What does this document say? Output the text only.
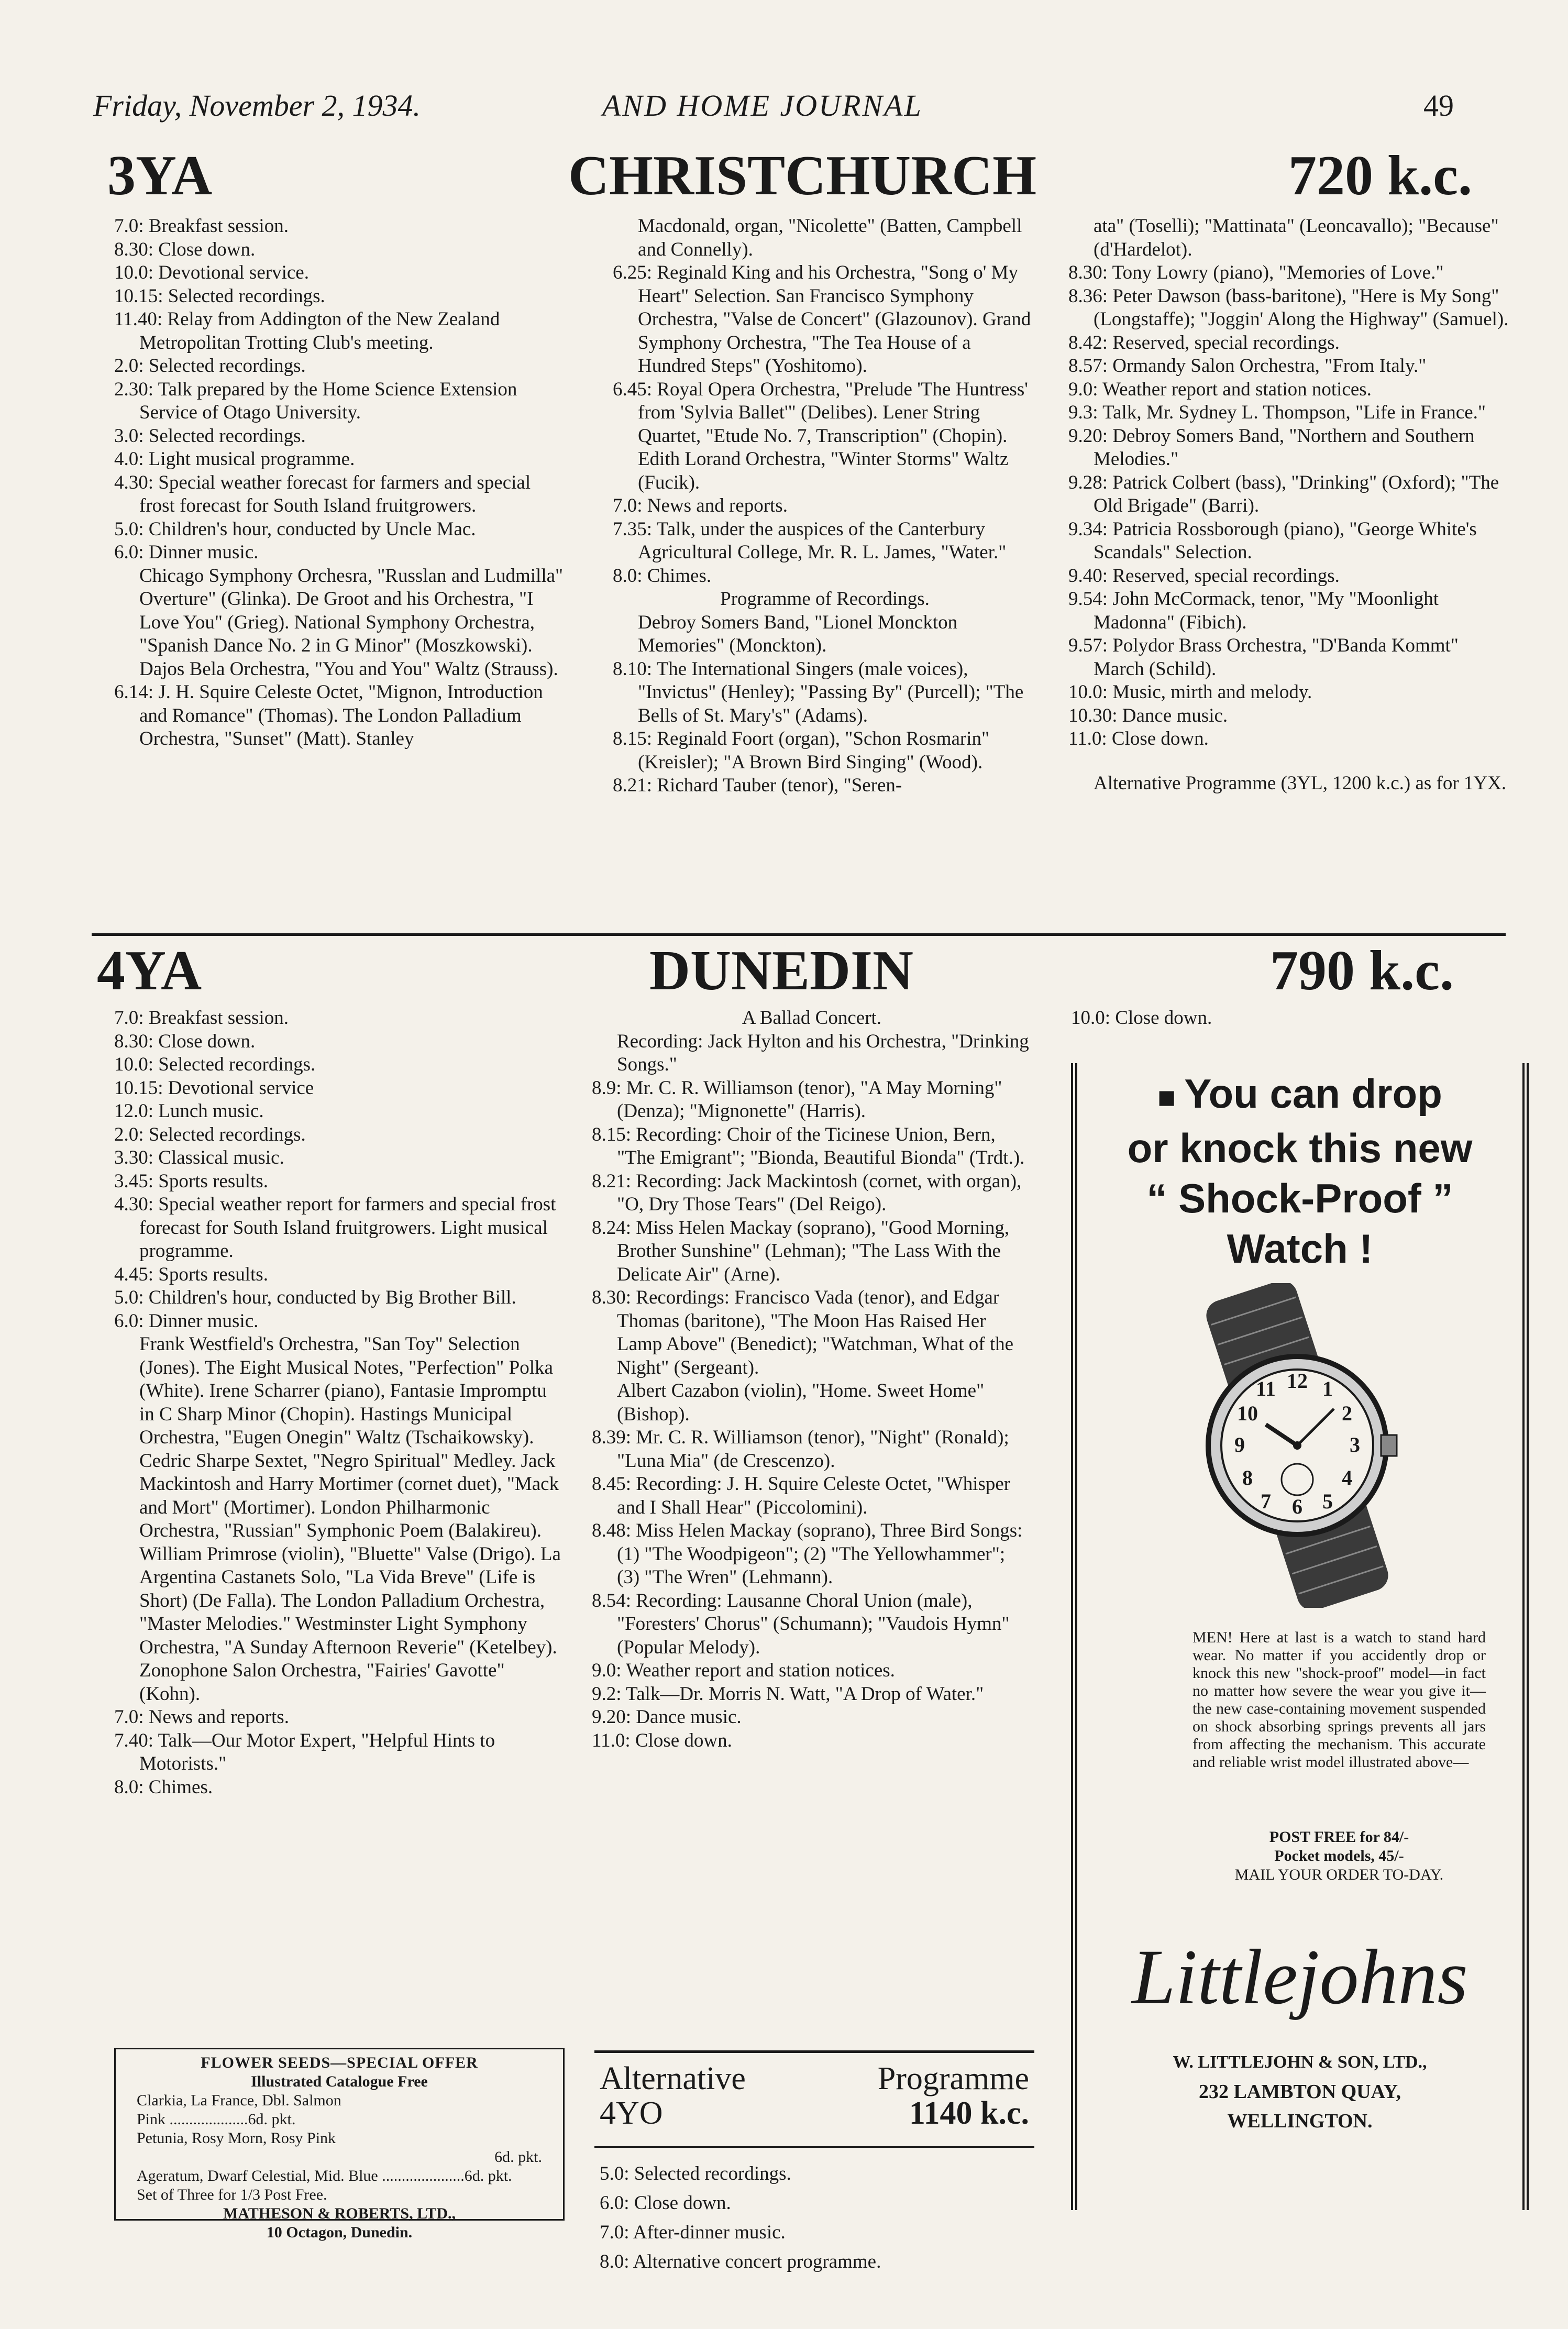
Friday, November 2, 1934.	AND HOME JOURNAL	49
3YA	CHRISTCHURCH	720 k.c.

7.0: Breakfast session.

8.30: Close down.

10.0: Devotional service.

10.15: Selected recordings.

11.40: Relay from Addington of the New Zealand Metropolitan Trotting Club's meeting.

2.0: Selected recordings.

2.30: Talk prepared by the Home Science Extension Service of Otago University.

3.0: Selected recordings.

4.0: Light musical programme.

4.30: Special weather forecast for farmers and special frost forecast for South Island fruitgrowers.

5.0: Children's hour, conducted by Uncle Mac.

6.0: Dinner music.

Chicago Symphony Orchesra, "Russlan and Ludmilla" Overture" (Glinka). De Groot and his Orchestra, "I Love You" (Grieg). National Symphony Orchestra, "Spanish Dance No. 2 in G Minor" (Moszkowski). Dajos Bela Orchestra, "You and You" Waltz (Strauss).

6.14: J. H. Squire Celeste Octet, "Mignon, Introduction and Romance" (Thomas). The London Palladium Orchestra, "Sunset" (Matt). Stanley

Macdonald, organ, "Nicolette" (Batten, Campbell and Connelly).

6.25: Reginald King and his Orchestra, "Song o' My Heart" Selection. San Francisco Symphony Orchestra, "Valse de Concert" (Glazounov). Grand Symphony Orchestra, "The Tea House of a Hundred Steps" (Yoshitomo).

6.45: Royal Opera Orchestra, "Prelude 'The Huntress' from 'Sylvia Ballet'" (Delibes). Lener String Quartet, "Etude No. 7, Transcription" (Chopin). Edith Lorand Orchestra, "Winter Storms" Waltz (Fucik).

7.0: News and reports.

7.35: Talk, under the auspices of the Canterbury Agricultural College, Mr. R. L. James, "Water."

8.0: Chimes.

Programme of Recordings.

Debroy Somers Band, "Lionel Monckton Memories" (Monckton).

8.10: The International Singers (male voices), "Invictus" (Henley); "Passing By" (Purcell); "The Bells of St. Mary's" (Adams).

8.15: Reginald Foort (organ), "Schon Rosmarin" (Kreisler); "A Brown Bird Singing" (Wood).

8.21: Richard Tauber (tenor), "Seren-

ata" (Toselli); "Mattinata" (Leoncavallo); "Because" (d'Hardelot).

8.30: Tony Lowry (piano), "Memories of Love."

8.36: Peter Dawson (bass-baritone), "Here is My Song" (Longstaffe); "Joggin' Along the Highway" (Samuel).

8.42: Reserved, special recordings.

8.57: Ormandy Salon Orchestra, "From Italy."

9.0: Weather report and station notices.

9.3: Talk, Mr. Sydney L. Thompson, "Life in France."

9.20: Debroy Somers Band, "Northern and Southern Melodies."

9.28: Patrick Colbert (bass), "Drinking" (Oxford); "The Old Brigade" (Barri).

9.34: Patricia Rossborough (piano), "George White's Scandals" Selection.

9.40: Reserved, special recordings.

9.54: John McCormack, tenor, "My "Moonlight Madonna" (Fibich).

9.57: Polydor Brass Orchestra, "D'Banda Kommt" March (Schild).

10.0: Music, mirth and melody.

10.30: Dance music.

11.0: Close down.

Alternative Programme (3YL, 1200 k.c.) as for 1YX.

4YA	DUNEDIN	790 k.c.

7.0: Breakfast session.

8.30: Close down.

10.0: Selected recordings.

10.15: Devotional service

12.0: Lunch music.

2.0: Selected recordings.

3.30: Classical music.

3.45: Sports results.

4.30: Special weather report for farmers and special frost forecast for South Island fruitgrowers. Light musical programme.

4.45: Sports results.

5.0: Children's hour, conducted by Big Brother Bill.

6.0: Dinner music.

Frank Westfield's Orchestra, "San Toy" Selection (Jones). The Eight Musical Notes, "Perfection" Polka (White). Irene Scharrer (piano), Fantasie Impromptu in C Sharp Minor (Chopin). Hastings Municipal Orchestra, "Eugen Onegin" Waltz (Tschaikowsky). Cedric Sharpe Sextet, "Negro Spiritual" Medley. Jack Mackintosh and Harry Mortimer (cornet duet), "Mack and Mort" (Mortimer). London Philharmonic Orchestra, "Russian" Symphonic Poem (Balakireu). William Primrose (violin), "Bluette" Valse (Drigo). La Argentina Castanets Solo, "La Vida Breve" (Life is Short) (De Falla). The London Palladium Orchestra, "Master Melodies." Westminster Light Symphony Orchestra, "A Sunday Afternoon Reverie" (Ketelbey). Zonophone Salon Orchestra, "Fairies' Gavotte" (Kohn).

7.0: News and reports.

7.40: Talk—Our Motor Expert, "Helpful Hints to Motorists."

8.0: Chimes.

A Ballad Concert.

Recording: Jack Hylton and his Orchestra, "Drinking Songs."

8.9: Mr. C. R. Williamson (tenor), "A May Morning" (Denza); "Mignonette" (Harris).

8.15: Recording: Choir of the Ticinese Union, Bern, "The Emigrant"; "Bionda, Beautiful Bionda" (Trdt.).

8.21: Recording: Jack Mackintosh (cornet, with organ), "O, Dry Those Tears" (Del Reigo).

8.24: Miss Helen Mackay (soprano), "Good Morning, Brother Sunshine" (Lehman); "The Lass With the Delicate Air" (Arne).

8.30: Recordings: Francisco Vada (tenor), and Edgar Thomas (baritone), "The Moon Has Raised Her Lamp Above" (Benedict); "Watchman, What of the Night" (Sergeant).

Albert Cazabon (violin), "Home. Sweet Home" (Bishop).

8.39: Mr. C. R. Williamson (tenor), "Night" (Ronald); "Luna Mia" (de Crescenzo).

8.45: Recording: J. H. Squire Celeste Octet, "Whisper and I Shall Hear" (Piccolomini).

8.48: Miss Helen Mackay (soprano), Three Bird Songs: (1) "The Woodpigeon"; (2) "The Yellowhammer"; (3) "The Wren" (Lehmann).

8.54: Recording: Lausanne Choral Union (male), "Foresters' Chorus" (Schumann); "Vaudois Hymn" (Popular Melody).

9.0: Weather report and station notices.

9.2: Talk—Dr. Morris N. Watt, "A Drop of Water."

9.20: Dance music.

11.0: Close down.

10.0: Close down.

FLOWER SEEDS—SPECIAL OFFER
Illustrated Catalogue Free
Clarkia, La France, Dbl. Salmon
Pink ....................6d. pkt.
Petunia, Rosy Morn, Rosy Pink
6d. pkt.
Ageratum, Dwarf Celestial, Mid. Blue .....................6d. pkt.
Set of Three for 1/3 Post Free.
MATHESON & ROBERTS, LTD.,
10 Octagon, Dunedin.
Alternative	Programme
4YO	1140 k.c.
5.0: Selected recordings.
6.0: Close down.
7.0: After-dinner music.
8.0: Alternative concert programme.
■ You can drop
or knock this new
“ Shock-Proof ”
Watch !
12
3
6
9
1
2
4
5
7
8
10
11
MEN! Here at last is a watch to stand hard wear. No matter if you accidently drop or knock this new "shock-proof" model—in fact no matter how severe the wear you give it—the new case-containing movement suspended on shock absorbing springs prevents all jars from affecting the mechanism. This accurate and reliable wrist model illustrated above—
POST FREE for 84/-
Pocket models, 45/-
MAIL YOUR ORDER TO-DAY.
Littlejohns
W. LITTLEJOHN & SON, LTD.,
232 LAMBTON QUAY,
WELLINGTON.
